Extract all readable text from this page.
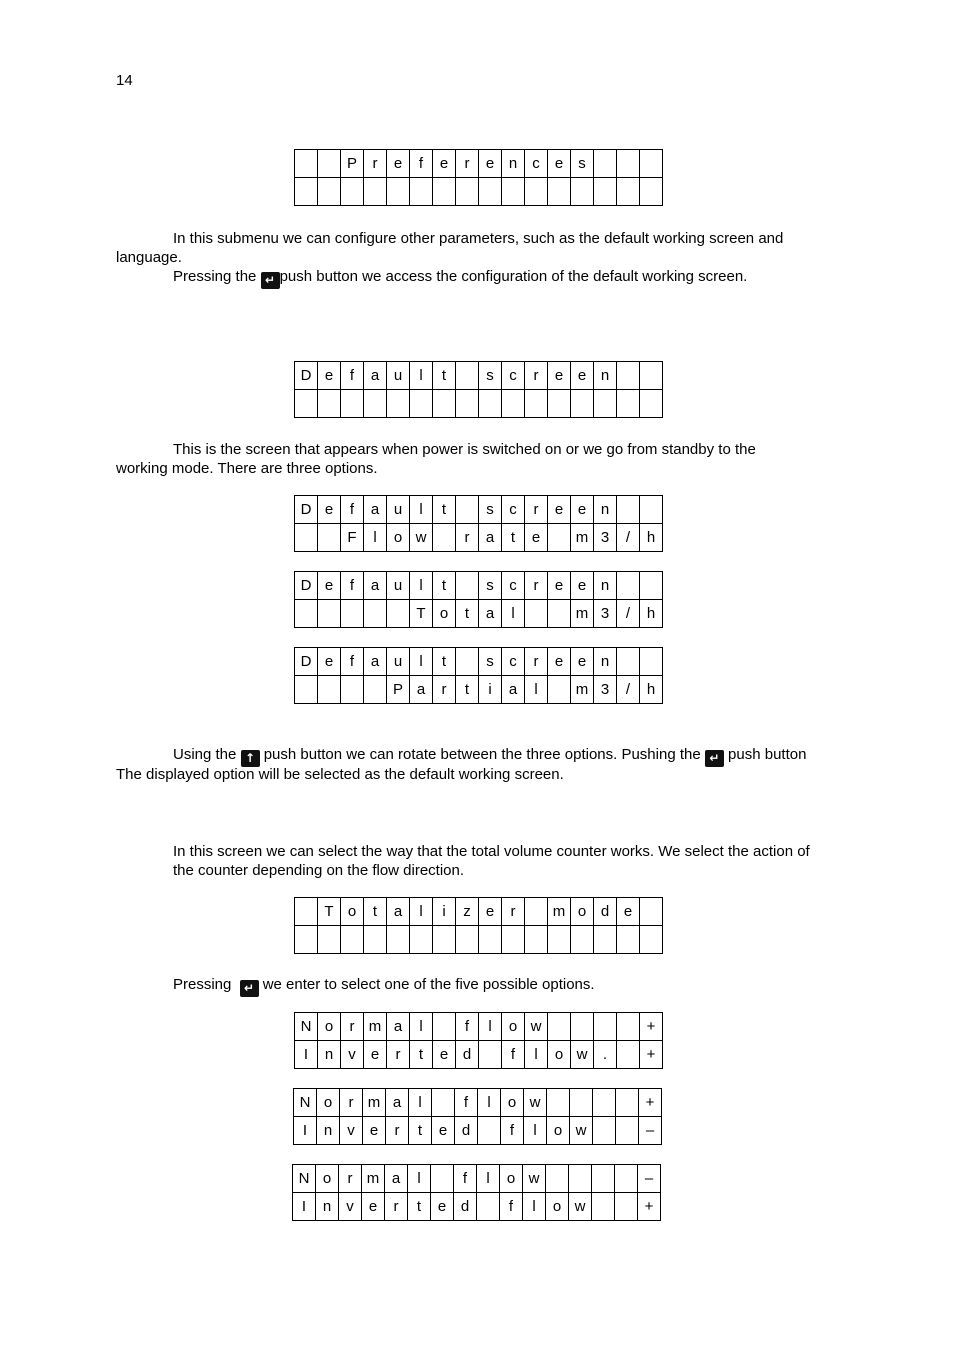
14
		P	r	e	f	e	r	e	n	c	e	s			

In this submenu we can configure other parameters, such as the default working screen and
language.
Pressing the ↵ push button we access the configuration of the default working screen.
D	e	f	a	u	l	t		s	c	r	e	e	n		

This is the screen that appears when power is switched on or we go from standby to the
working mode. There are three options.
D	e	f	a	u	l	t		s	c	r	e	e	n		
		F	l	o	w		r	a	t	e		m	3	/	h
D	e	f	a	u	l	t		s	c	r	e	e	n		
					T	o	t	a	l			m	3	/	h
D	e	f	a	u	l	t		s	c	r	e	e	n		
				P	a	r	t	i	a	l		m	3	/	h
Using the ↑ push button we can rotate between the three options. Pushing the ↵ push button
The displayed option will be selected as the default working screen.
In this screen we can select the way that the total volume counter works. We select the action of
the counter depending on the flow direction.
	T	o	t	a	l	i	z	e	r		m	o	d	e	

Pressing ↵ we enter to select one of the five possible options.
N	o	r	m	a	l		f	l	o	w					+
I	n	v	e	r	t	e	d		f	l	o	w	.		+
N	o	r	m	a	l		f	l	o	w					+
I	n	v	e	r	t	e	d		f	l	o	w			–
N	o	r	m	a	l		f	l	o	w					–
I	n	v	e	r	t	e	d		f	l	o	w			+
